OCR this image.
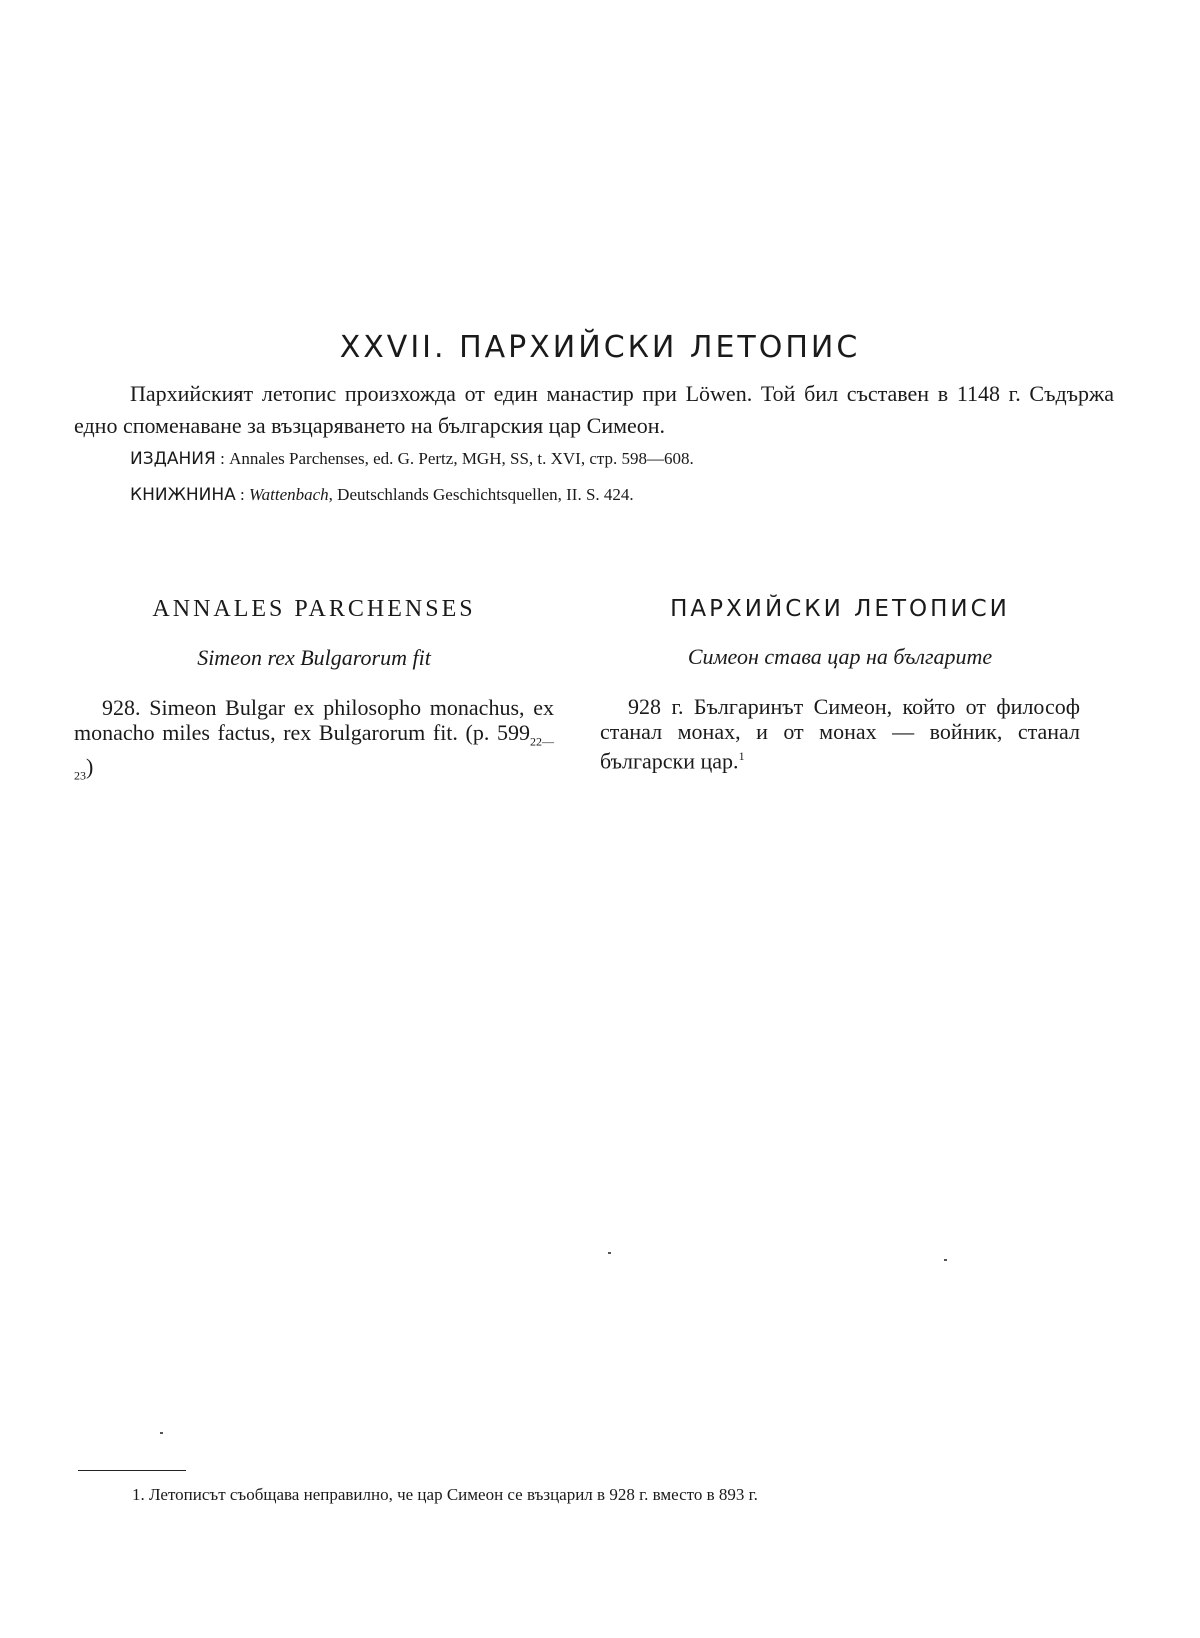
XXVII. ПАРХИЙСКИ ЛЕТОПИС

Пархийският летопис произхожда от един манастир при Löwen. Той бил съставен в 1148 г. Съдържа едно споменаване за възцаряването на българския цар Симеон.

ИЗДАНИЯ : Annales Parchenses, ed. G. Pertz, MGH, SS, t. XVI, стр. 598—608.

КНИЖНИНА : Wattenbach, Deutschlands Geschichtsquellen, II. S. 424.

ANNALES PARCHENSES

Simeon rex Bulgarorum fit

928. Simeon Bulgar ex philosopho monachus, ex monacho miles factus, rex Bulgarorum fit. (p. $599_{22—23}$)

ПАРХИЙСКИ ЛЕТОПИСИ

Симеон става цар на българите

928 г. Българинът Симеон, който от философ станал монах, и от монах — войник, станал български цар.$^1$

1. Летописът съобщава неправилно, че цар Симеон се възцарил в 928 г. вместо в 893 г.
